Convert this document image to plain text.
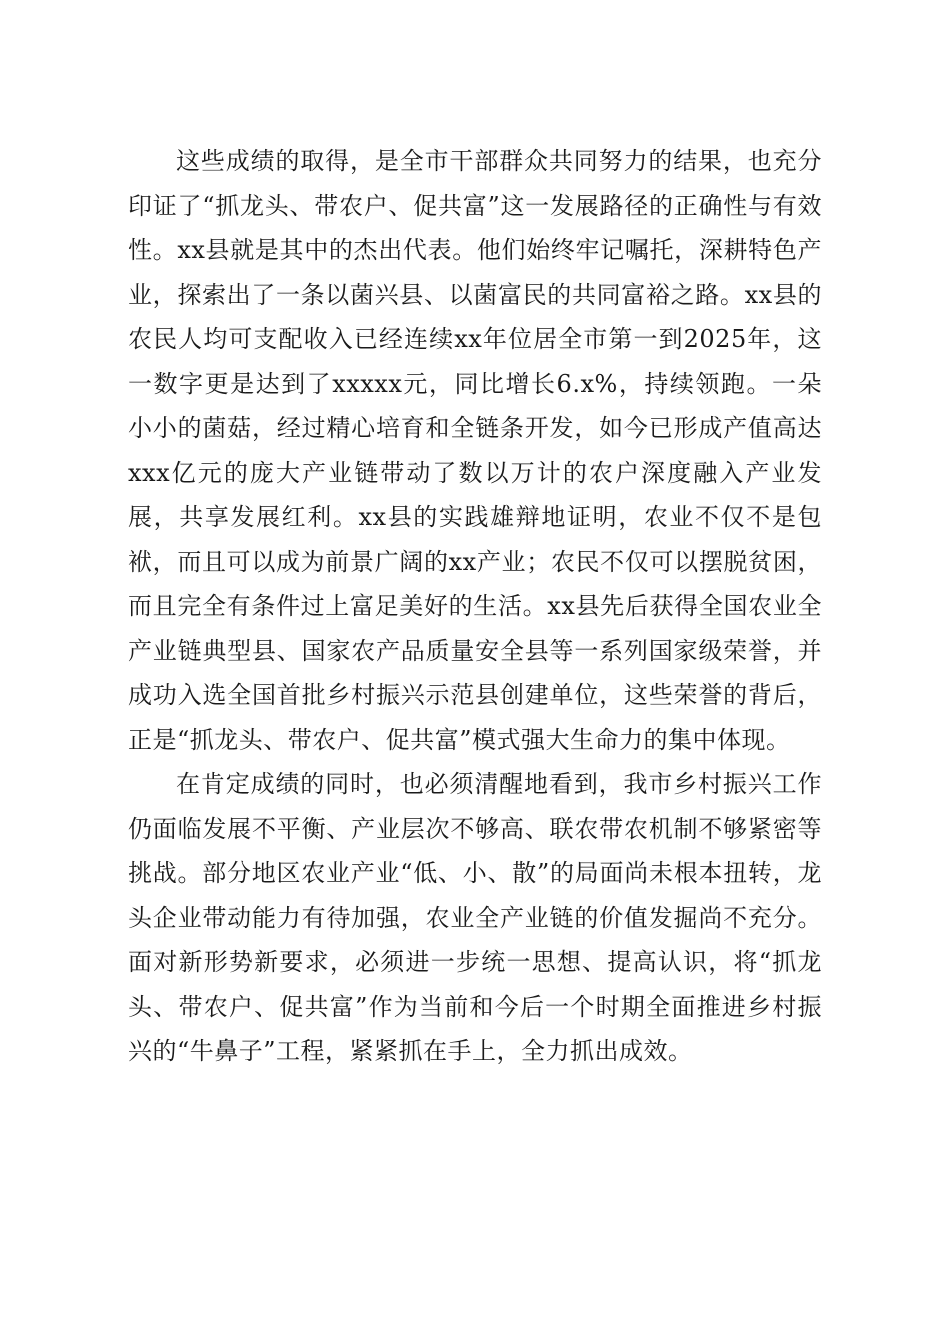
这些成绩的取得，是全市干部群众共同努力的结果，也充分印证了“抓龙头、带农户、促共富”这一发展路径的正确性与有效性。xx县就是其中的杰出代表。他们始终牢记嘱托，深耕特色产业，探索出了一条以菌兴县、以菌富民的共同富裕之路。xx县的农民人均可支配收入已经连续xx年位居全市第一到2025年，这一数字更是达到了xxxxx元，同比增长6.x%，持续领跑。一朵小小的菌菇，经过精心培育和全链条开发，如今已形成产值高达xxx亿元的庞大产业链带动了数以万计的农户深度融入产业发展，共享发展红利。xx县的实践雄辩地证明，农业不仅不是包袱，而且可以成为前景广阔的xx产业；农民不仅可以摆脱贫困，而且完全有条件过上富足美好的生活。xx县先后获得全国农业全产业链典型县、国家农产品质量安全县等一系列国家级荣誉，并成功入选全国首批乡村振兴示范县创建单位，这些荣誉的背后，正是“抓龙头、带农户、促共富”模式强大生命力的集中体现。

在肯定成绩的同时，也必须清醒地看到，我市乡村振兴工作仍面临发展不平衡、产业层次不够高、联农带农机制不够紧密等挑战。部分地区农业产业“低、小、散”的局面尚未根本扭转，龙头企业带动能力有待加强，农业全产业链的价值发掘尚不充分。面对新形势新要求，必须进一步统一思想、提高认识，将“抓龙头、带农户、促共富”作为当前和今后一个时期全面推进乡村振兴的“牛鼻子”工程，紧紧抓在手上，全力抓出成效。
